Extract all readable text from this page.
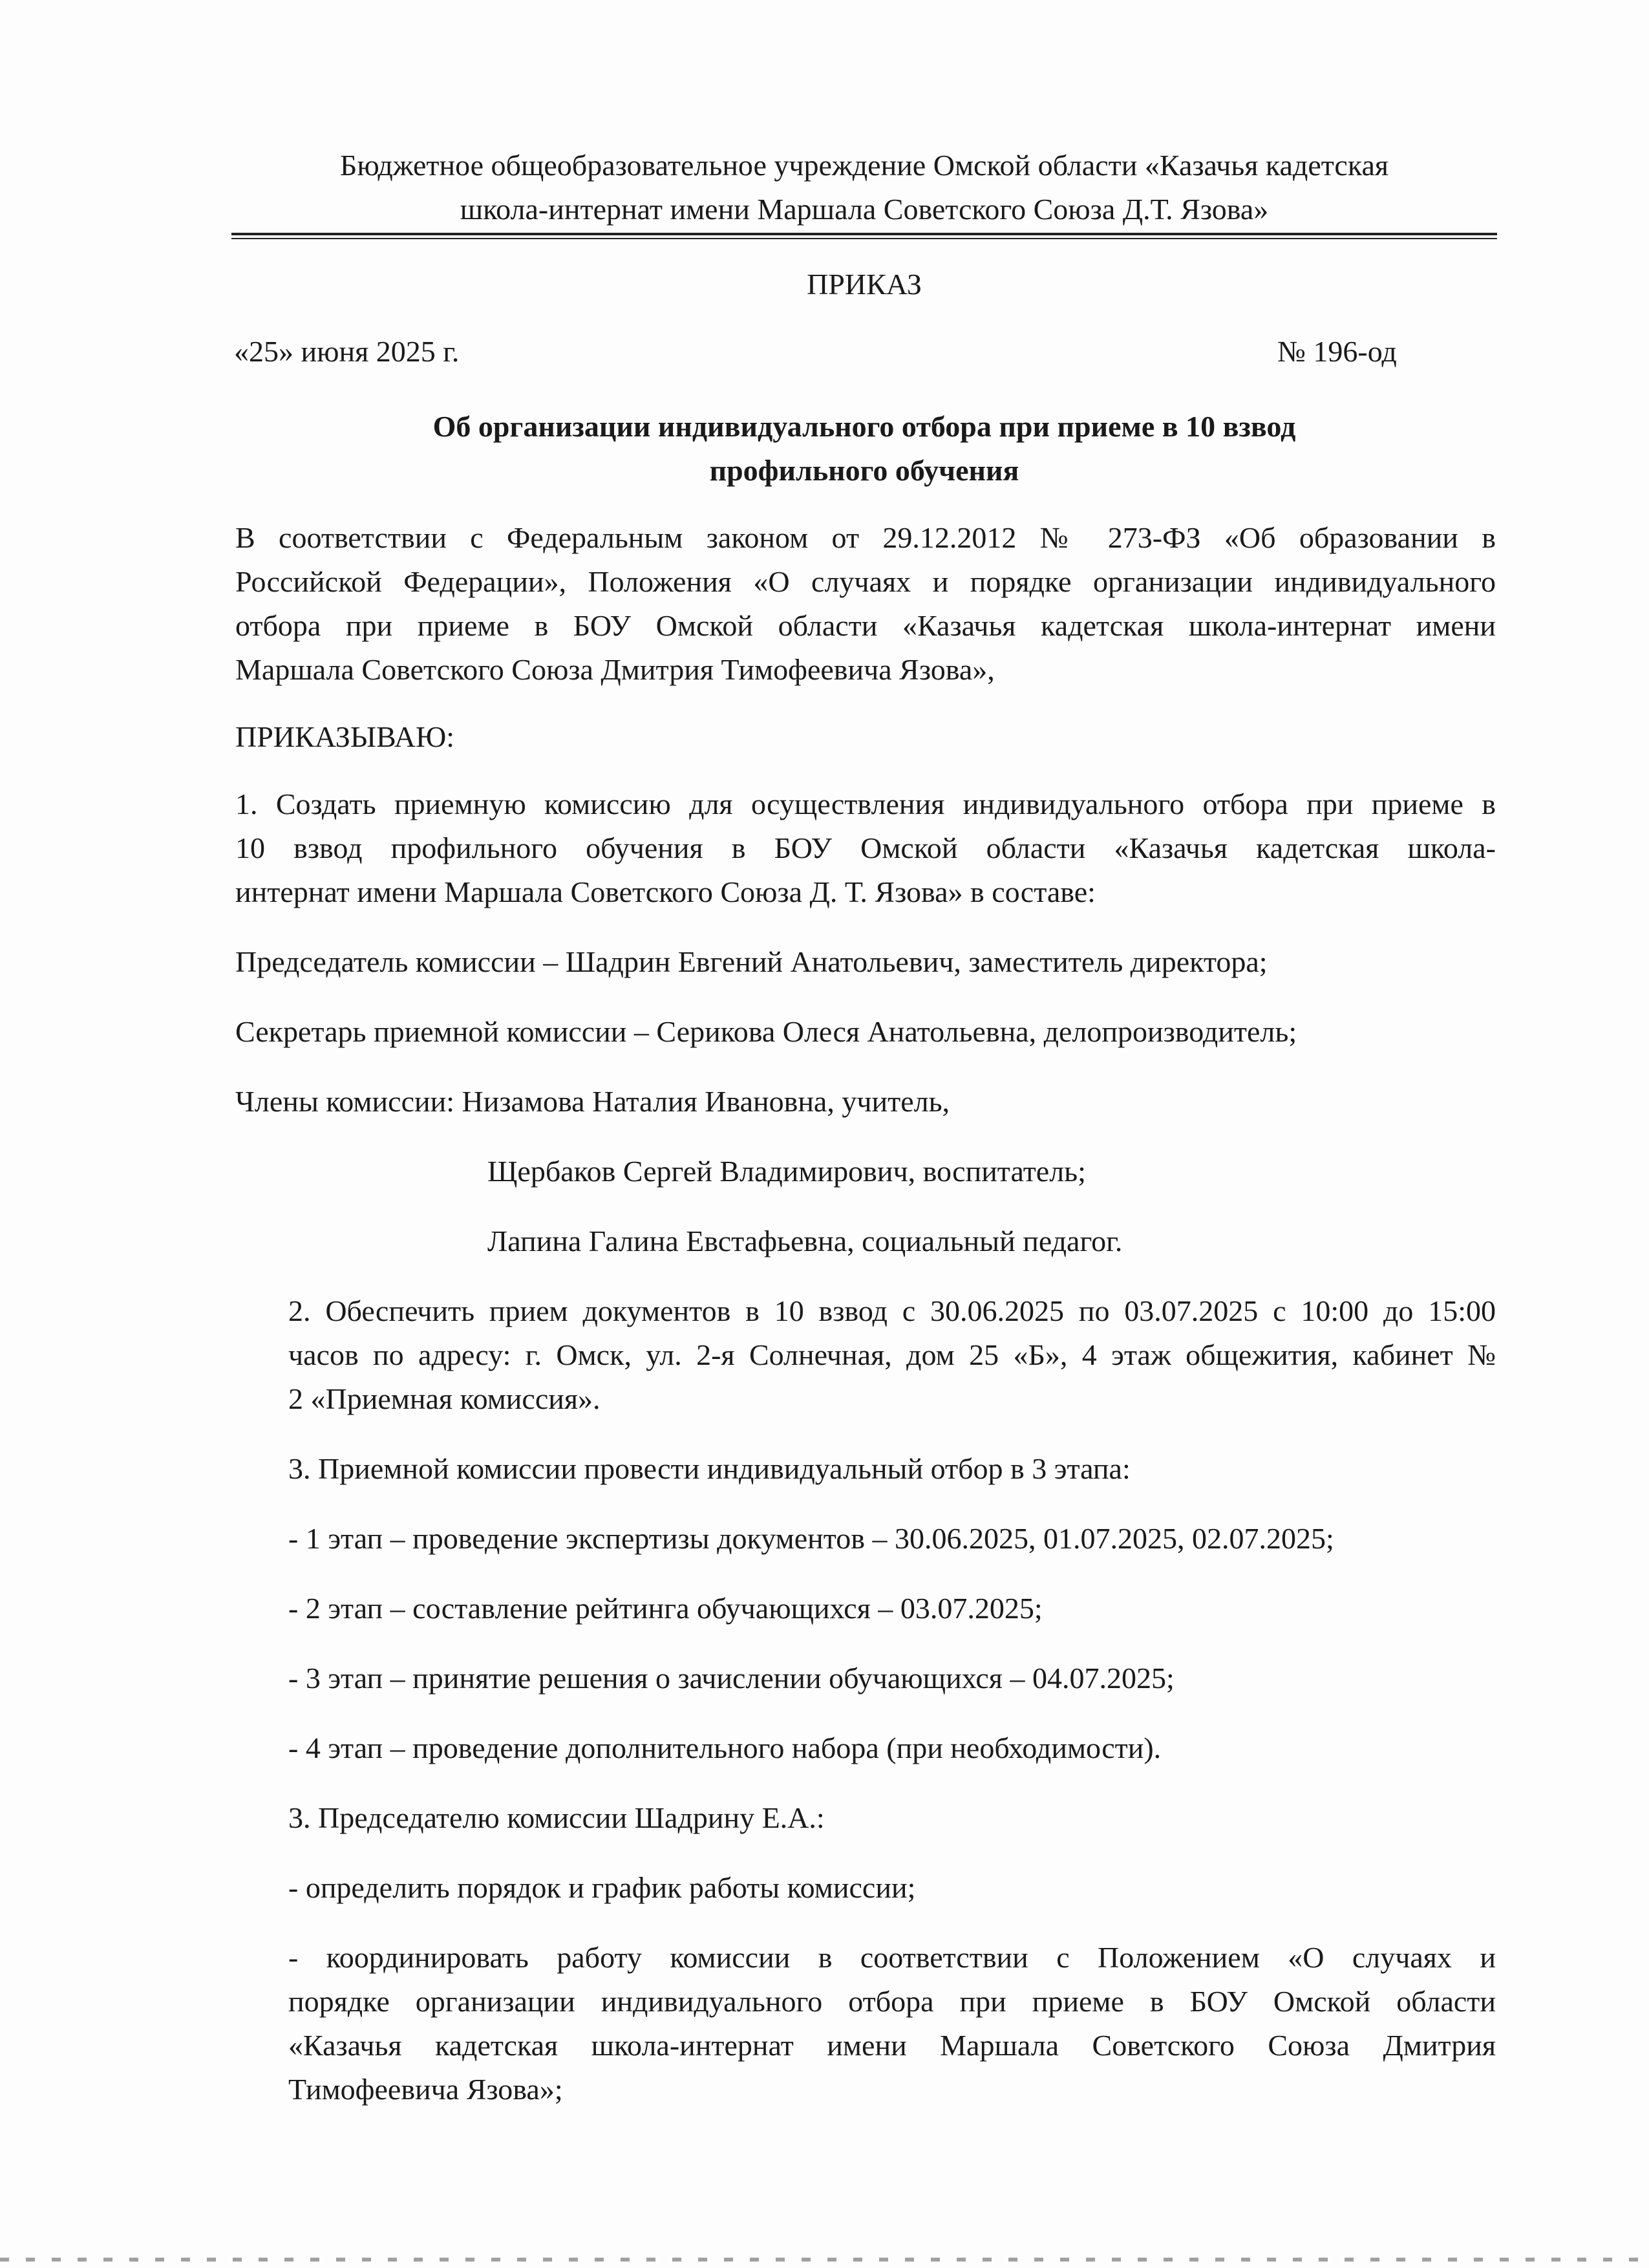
Бюджетное общеобразовательное учреждение Омской области «Казачья кадетская
школа-интернат имени Маршала Советского Союза Д.Т. Язова»
ПРИКАЗ
«25» июня 2025 г.	№ 196-од
Об организации индивидуального отбора при приеме в 10 взвод
профильного обучения
В соответствии с Федеральным законом от 29.12.2012 № 273-ФЗ «Об образовании в
Российской Федерации», Положения «О случаях и порядке организации индивидуального
отбора при приеме в БОУ Омской области «Казачья кадетская школа-интернат имени
Маршала Советского Союза Дмитрия Тимофеевича Язова»,
ПРИКАЗЫВАЮ:
1. Создать приемную комиссию для осуществления индивидуального отбора при приеме в
10 взвод профильного обучения в БОУ Омской области «Казачья кадетская школа-
интернат имени Маршала Советского Союза Д. Т. Язова» в составе:
Председатель комиссии – Шадрин Евгений Анатольевич, заместитель директора;
Секретарь приемной комиссии – Серикова Олеся Анатольевна, делопроизводитель;
Члены комиссии: Низамова Наталия Ивановна, учитель,
Щербаков Сергей Владимирович, воспитатель;
Лапина Галина Евстафьевна, социальный педагог.
2. Обеспечить прием документов в 10 взвод с 30.06.2025 по 03.07.2025 с 10:00 до 15:00
часов по адресу: г. Омск, ул. 2-я Солнечная, дом 25 «Б», 4 этаж общежития, кабинет №
2 «Приемная комиссия».
3. Приемной комиссии провести индивидуальный отбор в 3 этапа:
- 1 этап – проведение экспертизы документов – 30.06.2025, 01.07.2025, 02.07.2025;
- 2 этап – составление рейтинга обучающихся – 03.07.2025;
- 3 этап – принятие решения о зачислении обучающихся – 04.07.2025;
- 4 этап – проведение дополнительного набора (при необходимости).
3. Председателю комиссии Шадрину Е.А.:
- определить порядок и график работы комиссии;
- координировать работу комиссии в соответствии с Положением «О случаях и
порядке организации индивидуального отбора при приеме в БОУ Омской области
«Казачья кадетская школа-интернат имени Маршала Советского Союза Дмитрия
Тимофеевича Язова»;
